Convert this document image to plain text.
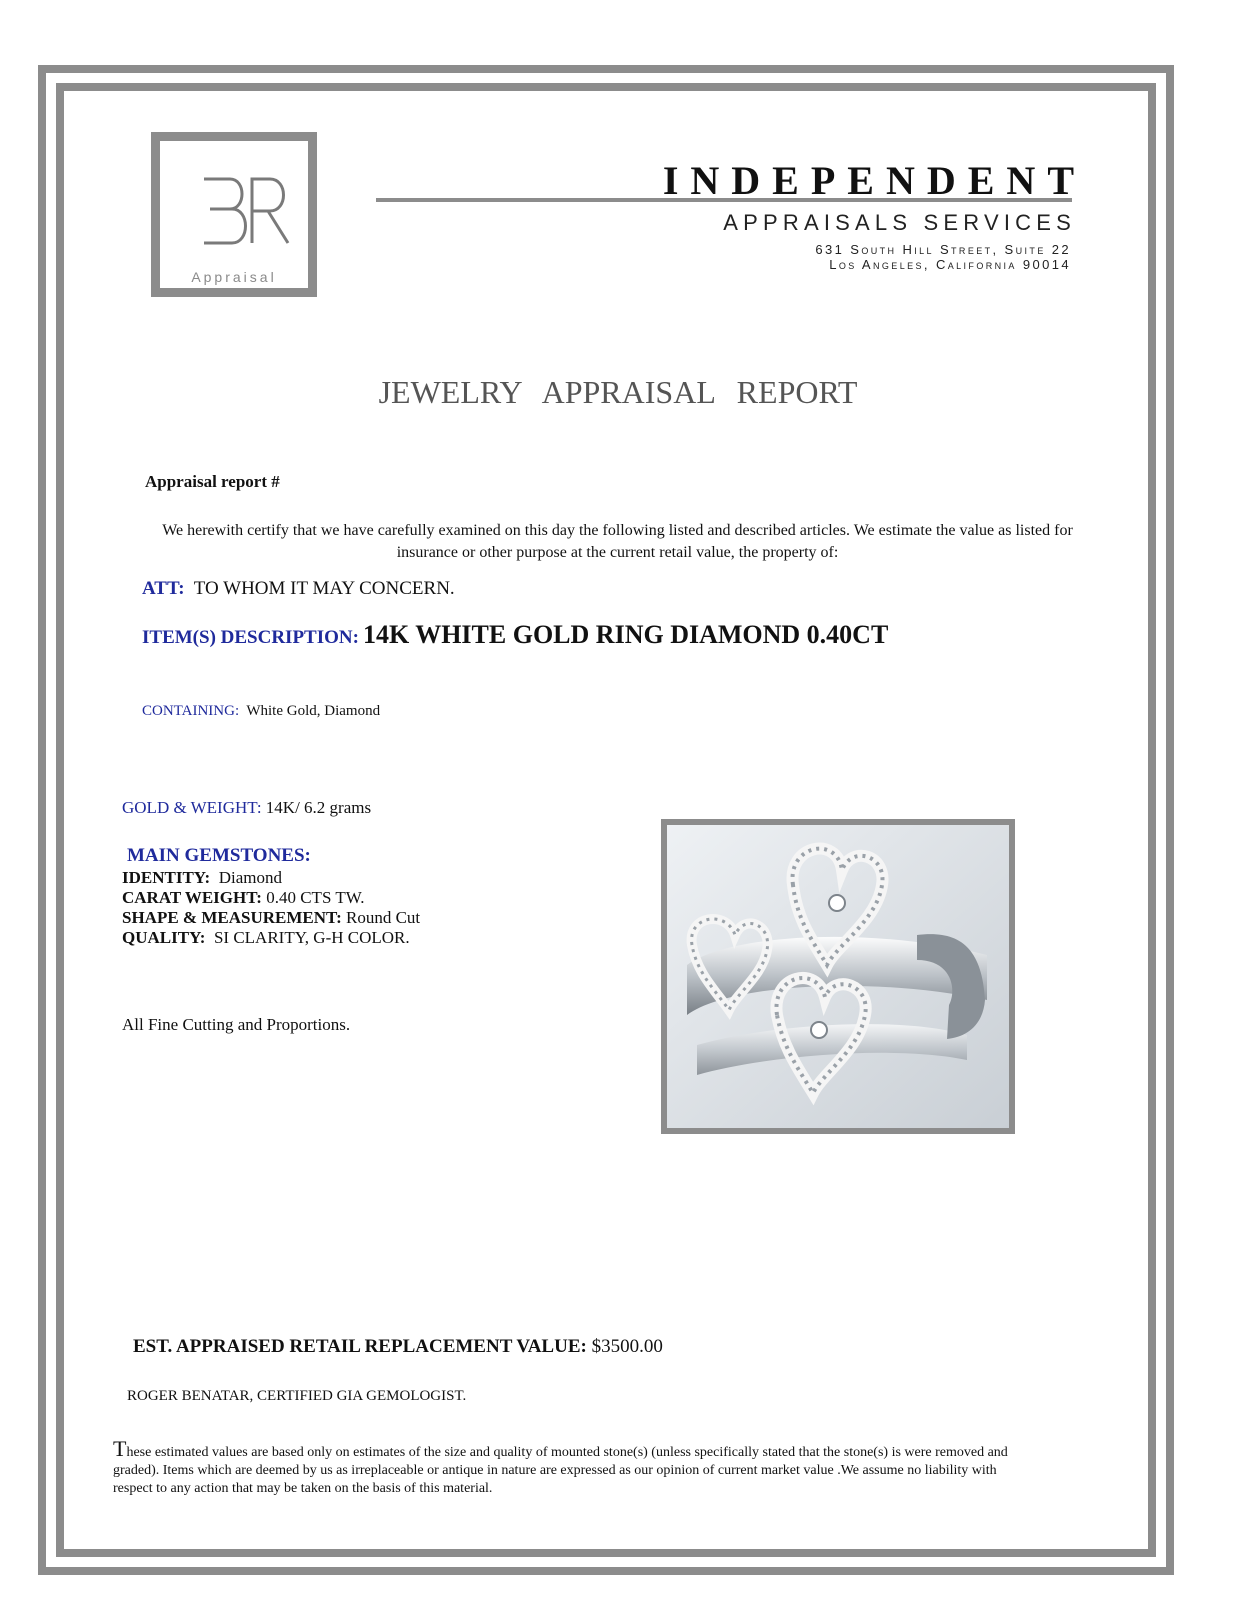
Appraisal
INDEPENDENT
APPRAISALS SERVICES
631 South Hill Street, Suite 22
Los Angeles, California 90014
JEWELRY APPRAISAL REPORT
Appraisal report #
We herewith certify that we have carefully examined on this day the following listed and described articles. We estimate the value as listed for insurance or other purpose at the current retail value, the property of:
ATT: TO WHOM IT MAY CONCERN.
ITEM(S) DESCRIPTION: 14K WHITE GOLD RING DIAMOND 0.40CT
CONTAINING: White Gold, Diamond
GOLD & WEIGHT: 14K/ 6.2 grams
MAIN GEMSTONES:
IDENTITY: Diamond
CARAT WEIGHT: 0.40 CTS TW.
SHAPE & MEASUREMENT: Round Cut
QUALITY: SI CLARITY, G-H COLOR.
All Fine Cutting and Proportions.
EST. APPRAISED RETAIL REPLACEMENT VALUE: $3500.00
ROGER BENATAR, CERTIFIED GIA GEMOLOGIST.
These estimated values are based only on estimates of the size and quality of mounted stone(s) (unless specifically stated that the stone(s) is were removed and graded). Items which are deemed by us as irreplaceable or antique in nature are expressed as our opinion of current market value .We assume no liability with respect to any action that may be taken on the basis of this material.
